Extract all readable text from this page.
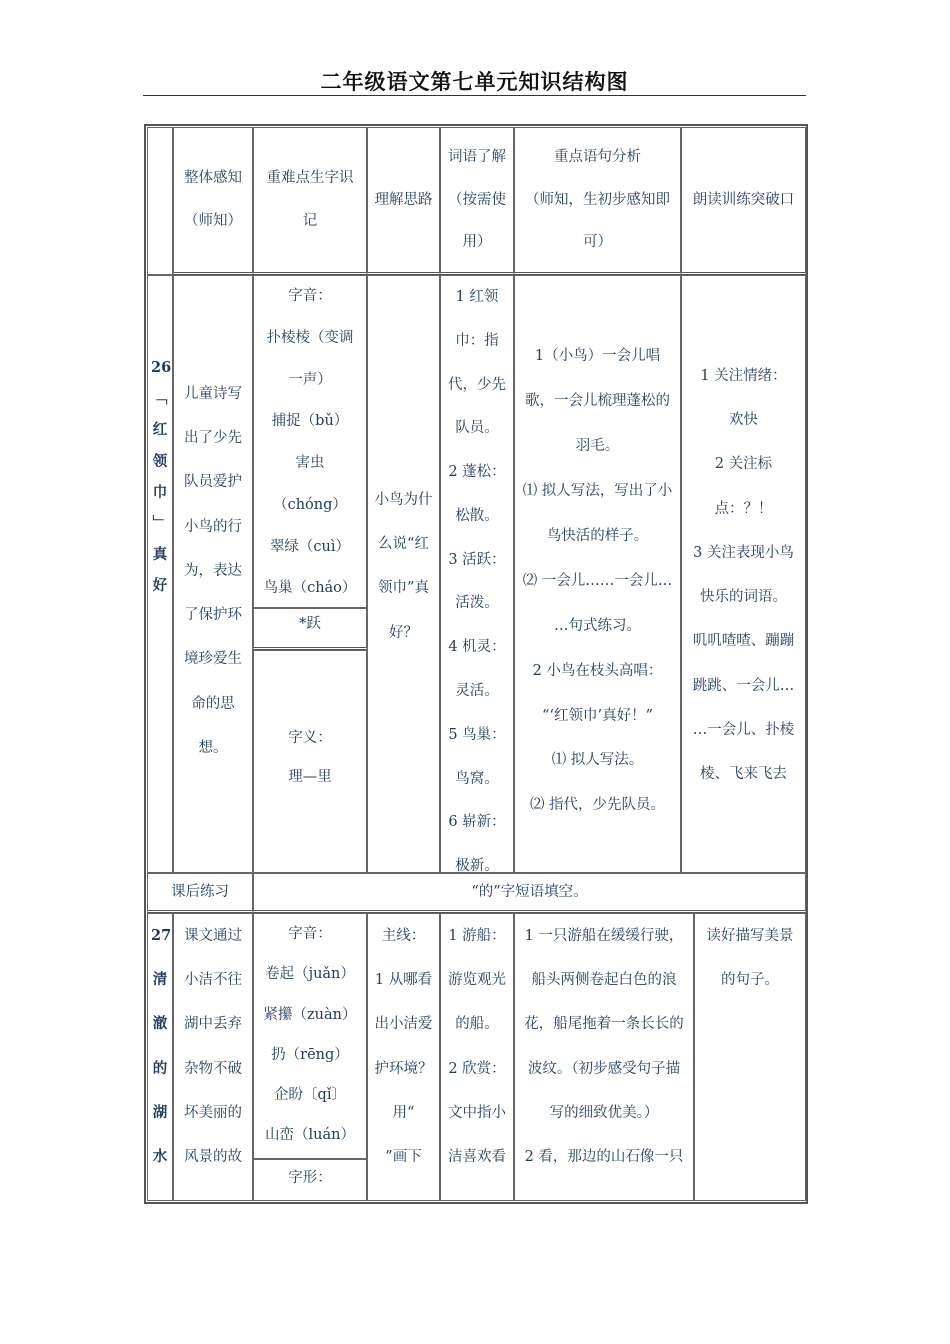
二年级语文第七单元知识结构图
整体感知
（师知）
重难点生字识
记
理解思路
词语了解
（按需使
用）
重点语句分析
（师知，生初步感知即
可）
朗读训练突破口
26
﹁
红
领
巾
﹂
真
好
儿童诗写
出了少先
队员爱护
小鸟的行
为，表达
了保护环
境珍爱生
命的思
想。
字音：
扑棱棱（变调
一声）
捕捉（bǔ）
害虫
（chóng）
翠绿（cuì）
鸟巢（cháo）
*跃
字义：
理—里
小鸟为什
么说“红
领巾”真
好？
1 红领
巾：指
代，少先
队员。
2 蓬松：
松散。
3 活跃：
活泼。
4 机灵：
灵活。
5 鸟巢：
鸟窝。
6 崭新：
极新。
1（小鸟）一会儿唱
歌，一会儿梳理蓬松的
羽毛。
⑴ 拟人写法，写出了小
鸟快活的样子。
⑵ 一会儿……一会儿…
…句式练习。
2 小鸟在枝头高唱：
“‘红领巾’真好！”
⑴ 拟人写法。
⑵ 指代，少先队员。
1 关注情绪：
欢快
2 关注标
点：？！
3 关注表现小鸟
快乐的词语。
叽叽喳喳、蹦蹦
跳跳、一会儿…
…一会儿、扑棱
棱、飞来飞去
课后练习	“的”字短语填空。
27
清
澈
的
湖
水
课文通过
小洁不往
湖中丢弃
杂物不破
坏美丽的
风景的故
字音：
卷起（juǎn）
紧攥（zuàn）
扔（rēng）
企盼〔qǐ〕
山峦（luán）
字形：
主线：
1 从哪看
出小洁爱
护环境？
用“
”画下
1 游船：
游览观光
的船。
2 欣赏：
文中指小
洁喜欢看
1 一只游船在缓缓行驶，
船头两侧卷起白色的浪
花，船尾拖着一条长长的
波纹。（初步感受句子描
写的细致优美。）
2 看，那边的山石像一只
读好描写美景
的句子。
